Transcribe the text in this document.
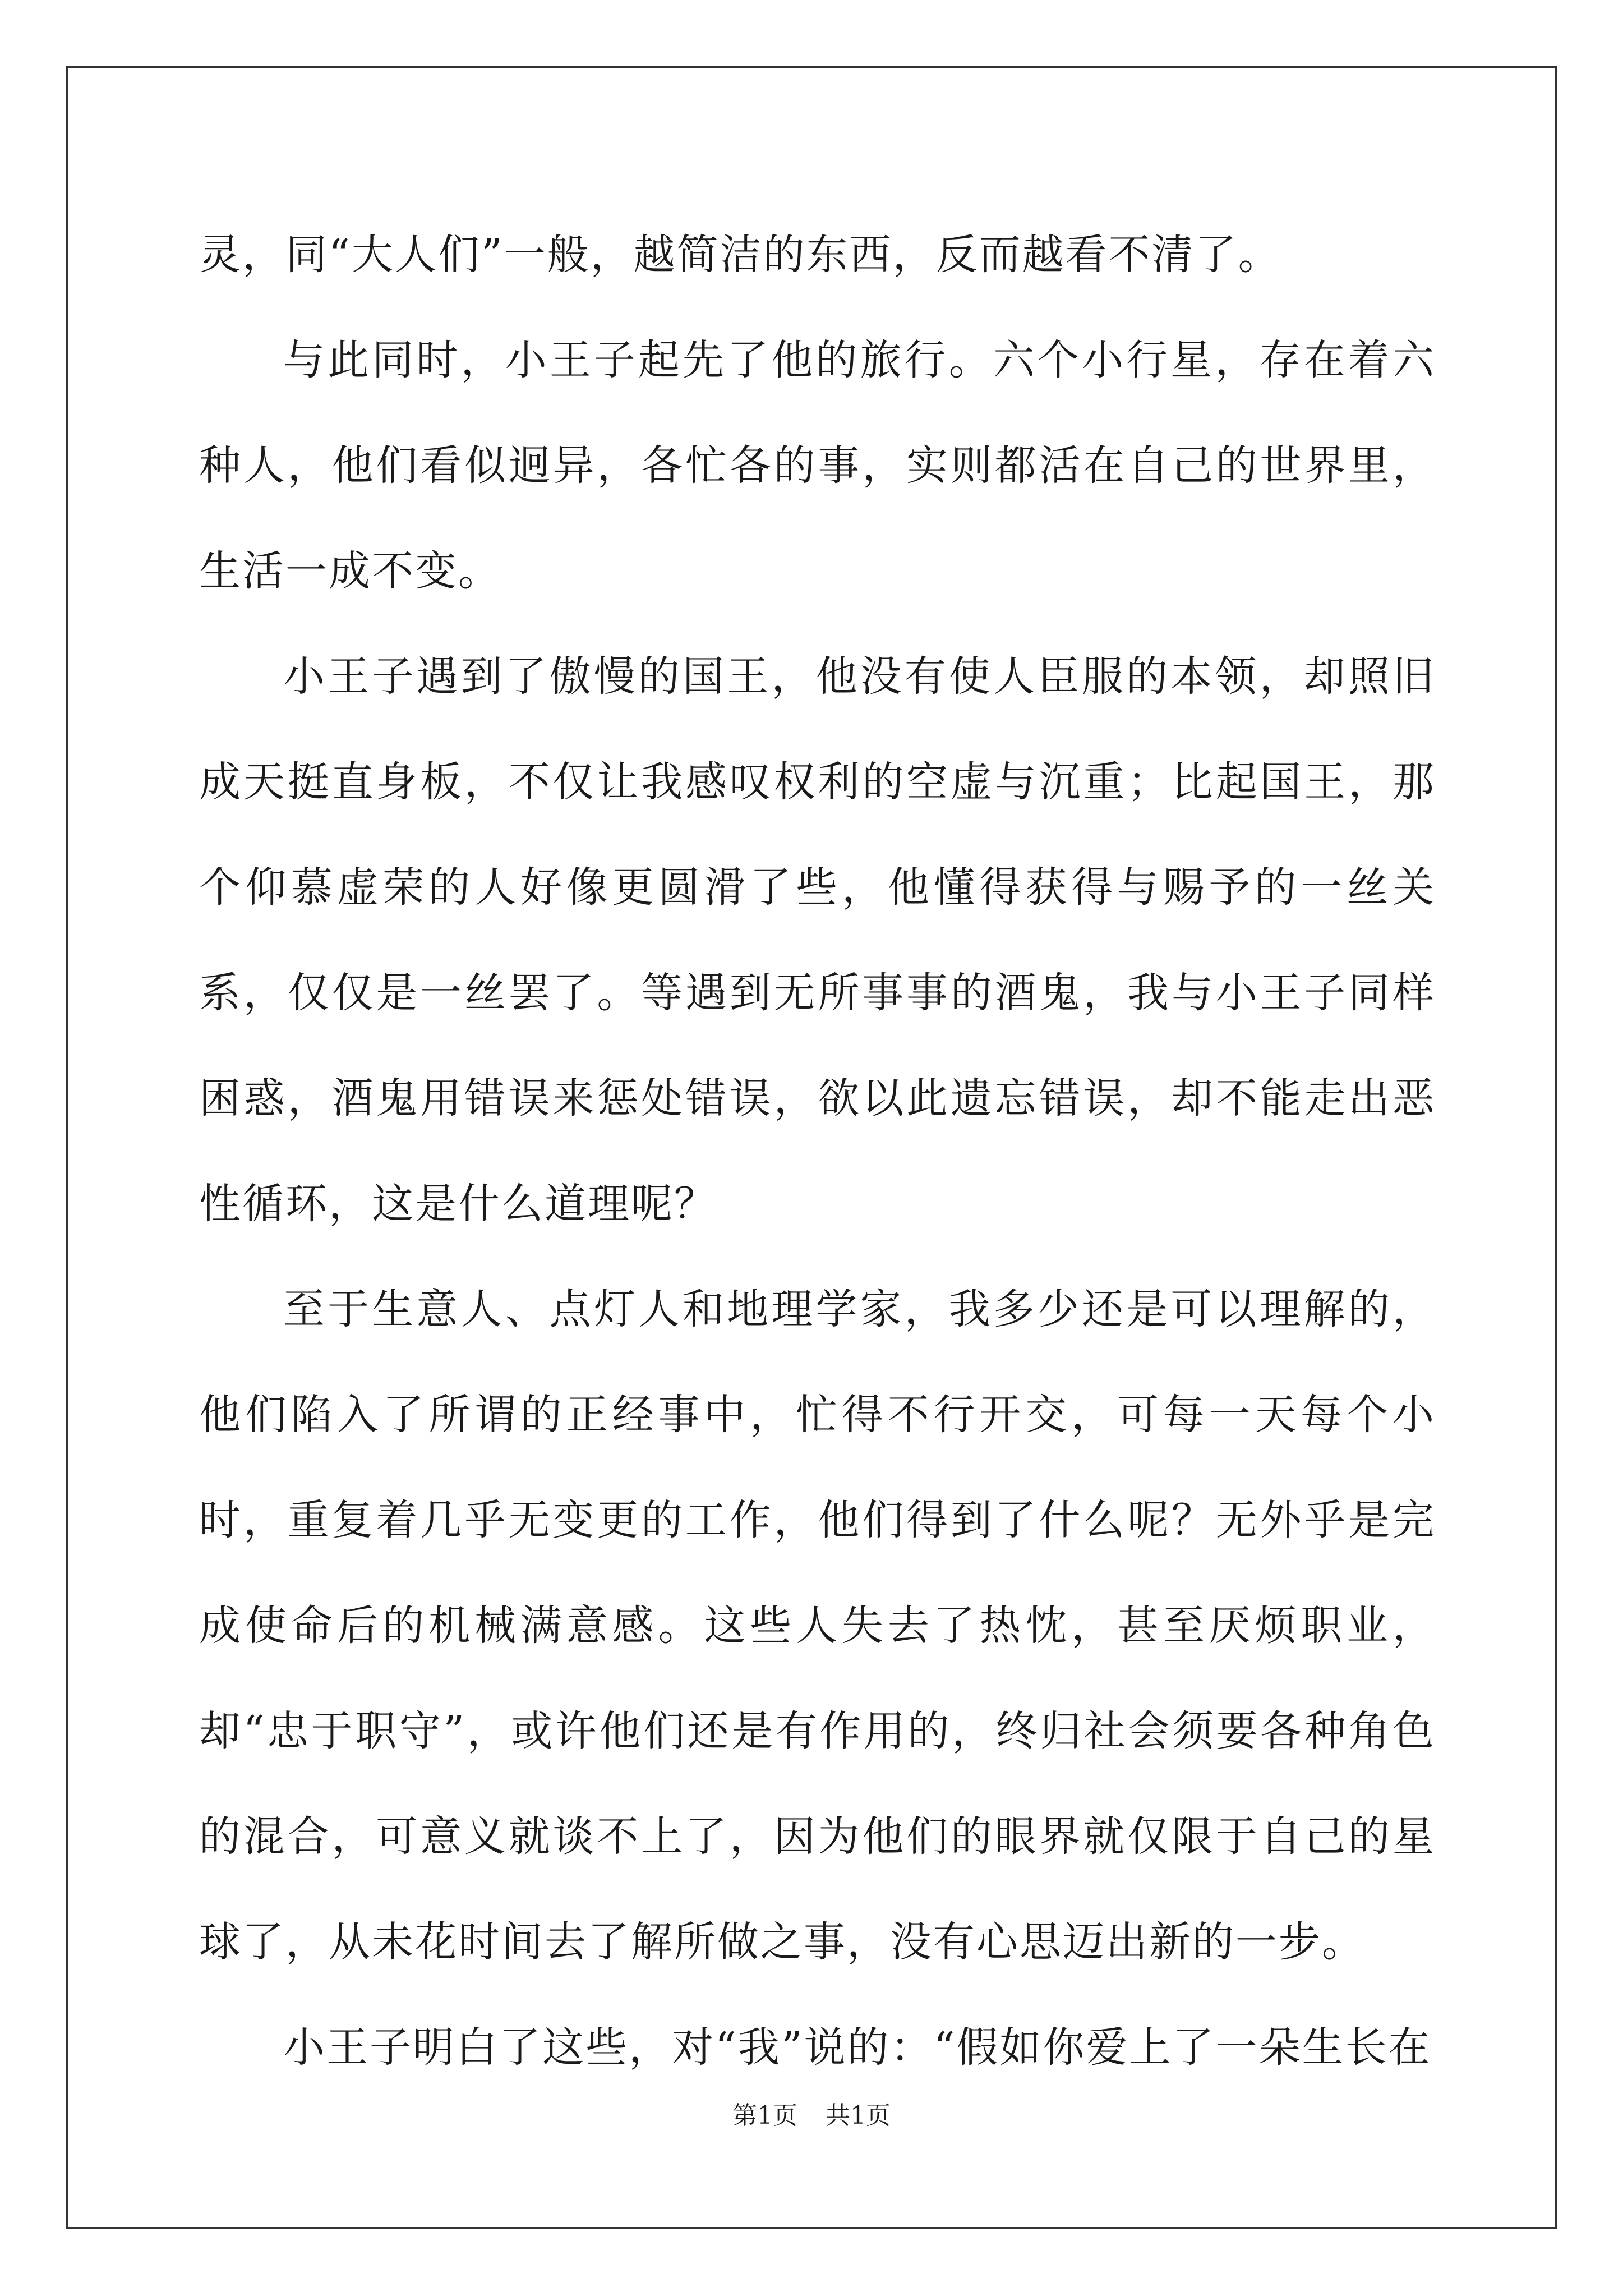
灵，同“大人们”一般，越简洁的东西，反而越看不清了。

与此同时，小王子起先了他的旅行。六个小行星，存在着六种人，他们看似迥异，各忙各的事，实则都活在自己的世界里，生活一成不变。

小王子遇到了傲慢的国王，他没有使人臣服的本领，却照旧成天挺直身板，不仅让我感叹权利的空虚与沉重；比起国王，那个仰慕虚荣的人好像更圆滑了些，他懂得获得与赐予的一丝关系，仅仅是一丝罢了。等遇到无所事事的酒鬼，我与小王子同样困惑，酒鬼用错误来惩处错误，欲以此遗忘错误，却不能走出恶性循环，这是什么道理呢？

至于生意人、点灯人和地理学家，我多少还是可以理解的，他们陷入了所谓的正经事中，忙得不行开交，可每一天每个小时，重复着几乎无变更的工作，他们得到了什么呢？无外乎是完成使命后的机械满意感。这些人失去了热忱，甚至厌烦职业，却“忠于职守”，或许他们还是有作用的，终归社会须要各种角色的混合，可意义就谈不上了，因为他们的眼界就仅限于自己的星球了，从未花时间去了解所做之事，没有心思迈出新的一步。

小王子明白了这些，对“我”说的：“假如你爱上了一朵生长在

第1页 共1页
